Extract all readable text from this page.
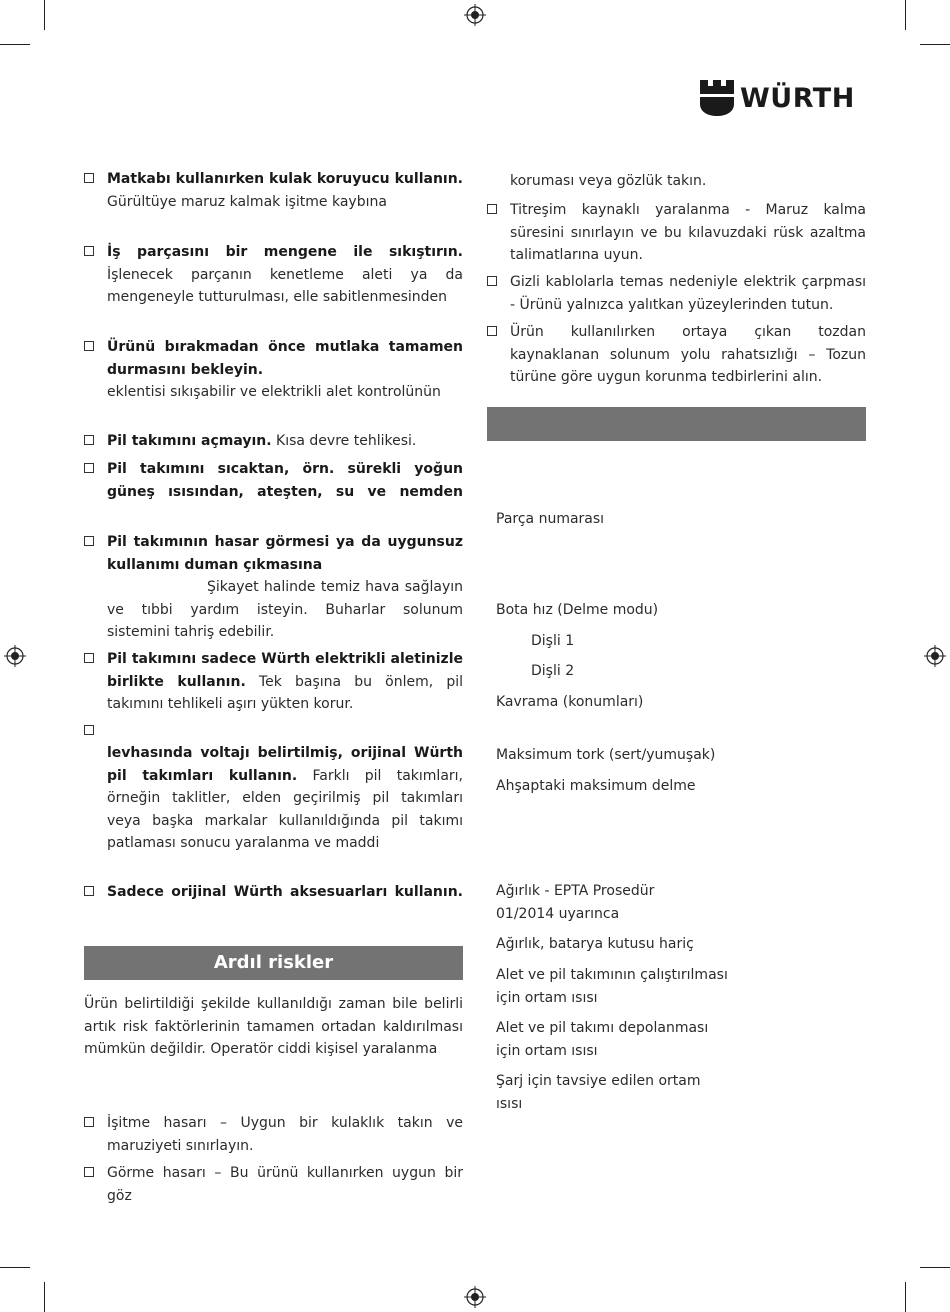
WÜRTH
Matkabı kullanırken kulak koruyucu kullanın. Gürültüye maruz kalmak işitme kaybına
İş parçasını bir mengene ile sıkıştırın. İşlenecek parçanın kenetleme aleti ya da mengeneyle tutturulması, elle sabitlenmesinden
Ürünü bırakmadan önce mutlaka tamamen durmasını bekleyin.
eklentisi sıkışabilir ve elektrikli alet kontrolünün
Pil takımını açmayın. Kısa devre tehlikesi.
Pil takımını sıcaktan, örn. sürekli yoğun güneş ısısından, ateşten, su ve nemden
Pil takımının hasar görmesi ya da uygunsuz kullanımı duman çıkmasına

Şikayet halinde temiz hava sağlayın ve tıbbi yardım isteyin. Buharlar solunum sistemini tahriş edebilir.
Pil takımını sadece Würth elektrikli aletinizle birlikte kullanın. Tek başına bu önlem, pil takımını tehlikeli aşırı yükten korur.
levhasında voltajı belirtilmiş, orijinal Würth pil takımları kullanın. Farklı pil takımları, örneğin taklitler, elden geçirilmiş pil takımları veya başka markalar kullanıldığında pil takımı patlaması sonucu yaralanma ve maddi
Sadece orijinal Würth aksesuarları kullanın.
Ardıl riskler
Ürün belirtildiği şekilde kullanıldığı zaman bile belirli artık risk faktörlerinin tamamen ortadan kaldırılması mümkün değildir. Operatör ciddi kişisel yaralanma
İşitme hasarı – Uygun bir kulaklık takın ve maruziyeti sınırlayın.
Görme hasarı – Bu ürünü kullanırken uygun bir göz
koruması veya gözlük takın.
Titreşim kaynaklı yaralanma - Maruz kalma süresini sınırlayın ve bu kılavuzdaki rüsk azaltma talimatlarına uyun.
Gizli kablolarla temas nedeniyle elektrik çarpması - Ürünü yalnızca yalıtkan yüzeylerinden tutun.
Ürün kullanılırken ortaya çıkan tozdan kaynaklanan solunum yolu rahatsızlığı – Tozun türüne göre uygun korunma tedbirlerini alın.
Parça numarası
Bota hız (Delme modu)
Dişli 1
Dişli 2
Kavrama (konumları)
Maksimum tork (sert/yumuşak)
Ahşaptaki maksimum delme
Ağırlık - EPTA Prosedür
01/2014 uyarınca
Ağırlık, batarya kutusu hariç
Alet ve pil takımının çalıştırılması
için ortam ısısı
Alet ve pil takımı depolanması
için ortam ısısı
Şarj için tavsiye edilen ortam
ısısı
